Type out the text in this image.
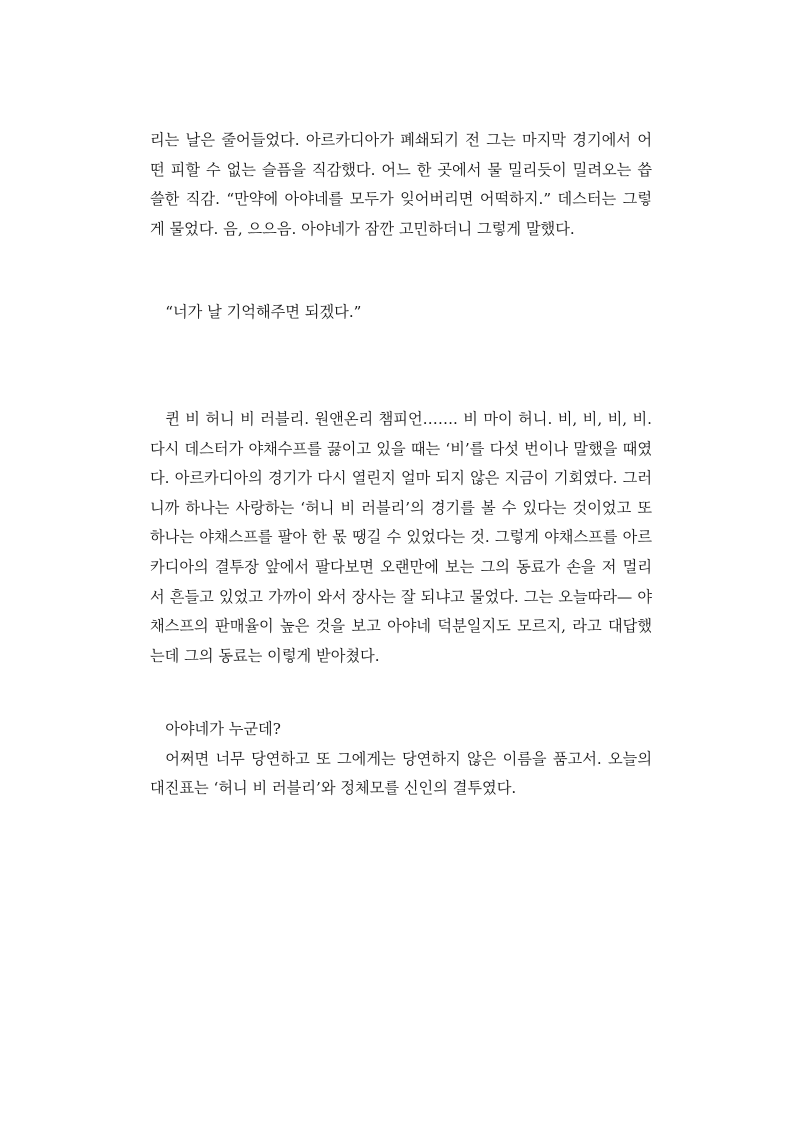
리는 날은 줄어들었다. 아르카디아가 폐쇄되기 전 그는 마지막 경기에서 어떤 피할 수 없는 슬픔을 직감했다. 어느 한 곳에서 물 밀리듯이 밀려오는 씁쓸한 직감. “만약에 아야네를 모두가 잊어버리면 어떡하지.” 데스터는 그렇게 물었다. 음, 으으음. 아야네가 잠깐 고민하더니 그렇게 말했다.

“너가 날 기억해주면 되겠다.”

퀸 비 허니 비 러블리. 원앤온리 챔피언……. 비 마이 허니. 비, 비, 비, 비. 다시 데스터가 야채수프를 끓이고 있을 때는 ‘비’를 다섯 번이나 말했을 때였다. 아르카디아의 경기가 다시 열린지 얼마 되지 않은 지금이 기회였다. 그러니까 하나는 사랑하는 ‘허니 비 러블리’의 경기를 볼 수 있다는 것이었고 또 하나는 야채스프를 팔아 한 몫 땡길 수 있었다는 것. 그렇게 야채스프를 아르카디아의 결투장 앞에서 팔다보면 오랜만에 보는 그의 동료가 손을 저 멀리서 흔들고 있었고 가까이 와서 장사는 잘 되냐고 물었다. 그는 오늘따라— 야채스프의 판매율이 높은 것을 보고 아야네 덕분일지도 모르지, 라고 대답했는데 그의 동료는 이렇게 받아쳤다.

아야네가 누군데?

어쩌면 너무 당연하고 또 그에게는 당연하지 않은 이름을 품고서. 오늘의 대진표는 ‘허니 비 러블리’와 정체모를 신인의 결투였다.
